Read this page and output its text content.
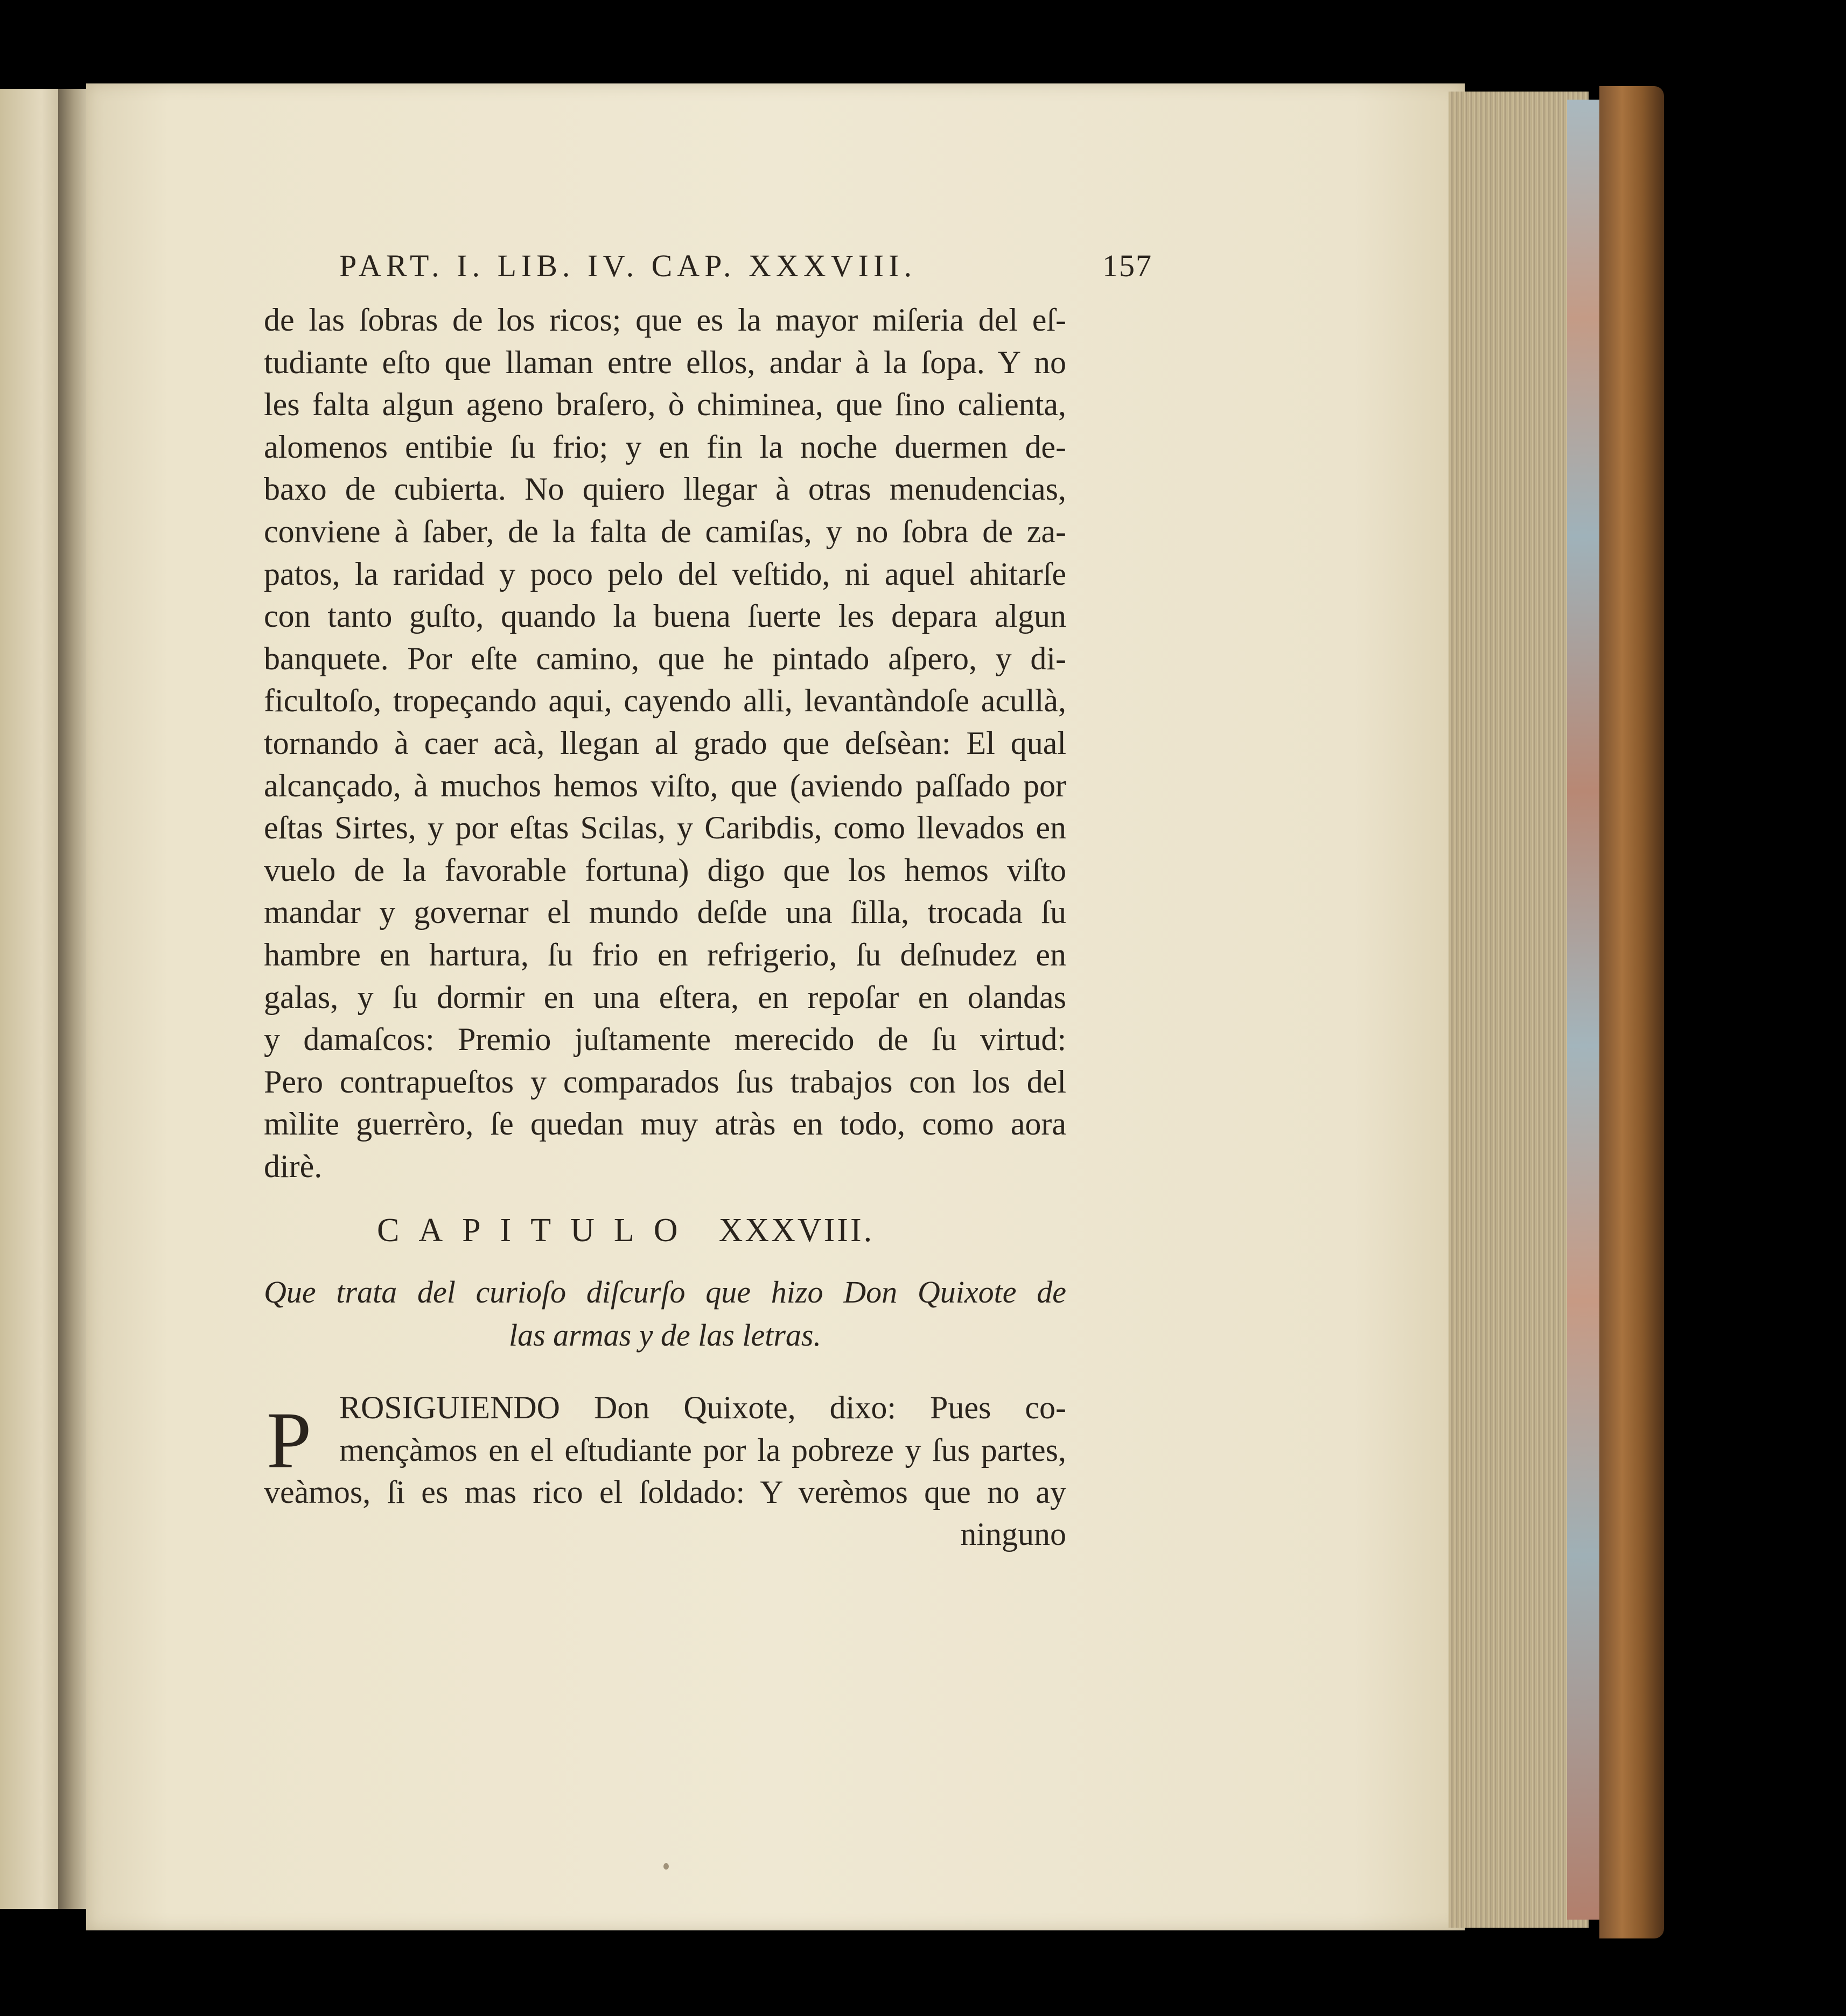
PART. I. LIB. IV. CAP. XXXVIII.	157
de las ſobras de los ricos; que es la mayor miſeria del eſ-
tudiante eſto que llaman entre ellos, andar à la ſopa. Y no
les falta algun ageno braſero, ò chiminea, que ſino calienta,
alomenos entibie ſu frio; y en fin la noche duermen de-
baxo de cubierta. No quiero llegar à otras menudencias,
conviene à ſaber, de la falta de camiſas, y no ſobra de za-
patos, la raridad y poco pelo del veſtido, ni aquel ahitarſe
con tanto guſto, quando la buena ſuerte les depara algun
banquete. Por eſte camino, que he pintado aſpero, y di-
ficultoſo, tropeçando aqui, cayendo alli, levantàndoſe acullà,
tornando à caer acà, llegan al grado que deſsèan: El qual
alcançado, à muchos hemos viſto, que (aviendo paſſado por
eſtas Sirtes, y por eſtas Scilas, y Caribdis, como llevados en
vuelo de la favorable fortuna) digo que los hemos viſto
mandar y governar el mundo deſde una ſilla, trocada ſu
hambre en hartura, ſu frio en refrigerio, ſu deſnudez en
galas, y ſu dormir en una eſtera, en repoſar en olandas
y damaſcos: Premio juſtamente merecido de ſu virtud:
Pero contrapueſtos y comparados ſus trabajos con los del
mìlite guerrèro, ſe quedan muy atràs en todo, como aora
dirè.
CAPITULO XXXVIII.
Que trata del curioſo diſcurſo que hizo Don Quixote de
las armas y de las letras.
P ROSIGUIENDO Don Quixote, dixo: Pues co-
mençàmos en el eſtudiante por la pobreze y ſus partes,
veàmos, ſi es mas rico el ſoldado: Y verèmos que no ay
ninguno
